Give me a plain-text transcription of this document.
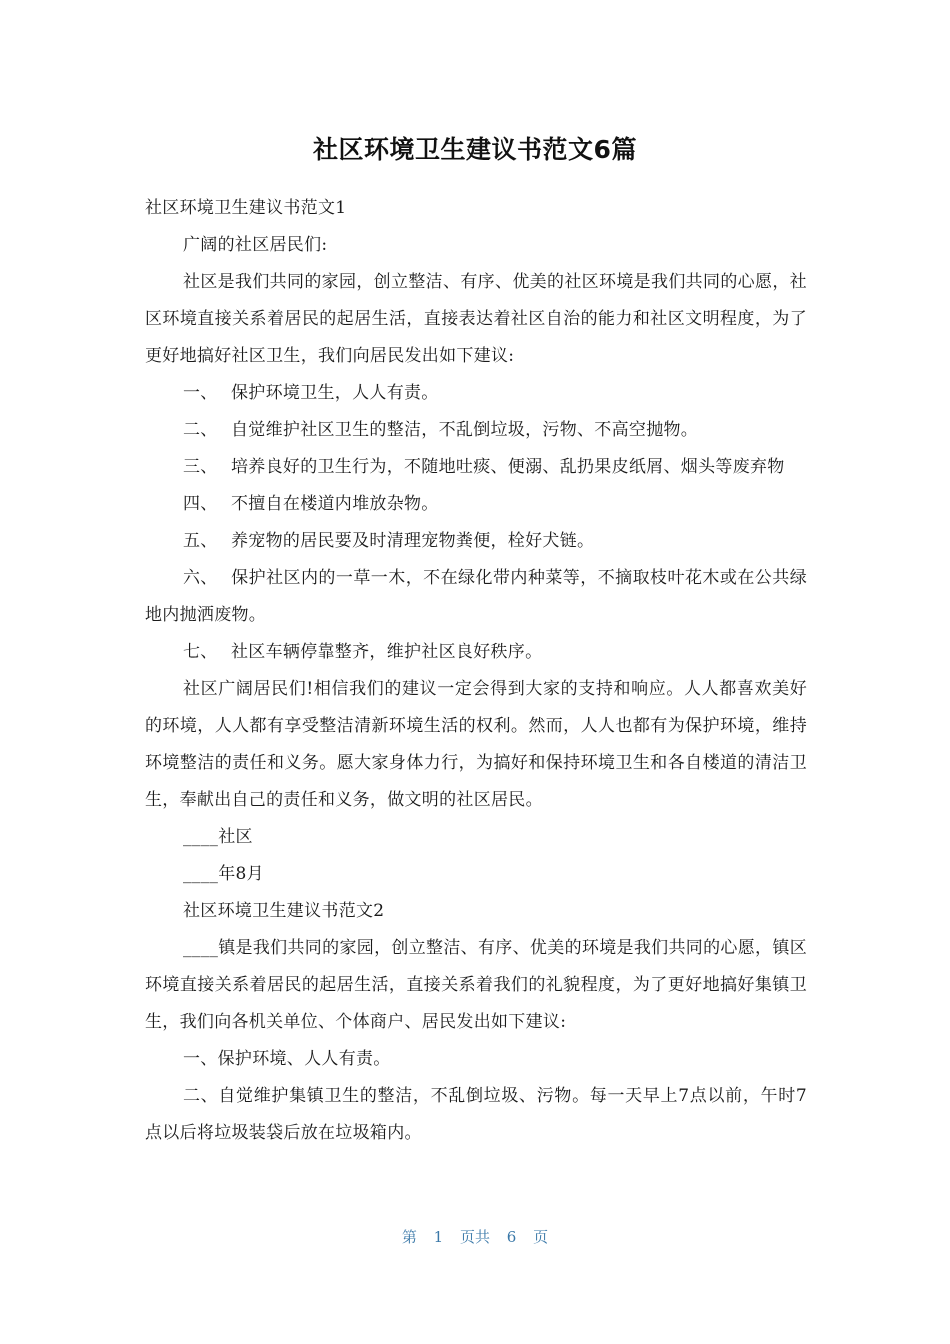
社区环境卫生建议书范文6篇

社区环境卫生建议书范文1

广阔的社区居民们:

社区是我们共同的家园，创立整洁、有序、优美的社区环境是我们共同的心愿，社区环境直接关系着居民的起居生活，直接表达着社区自治的能力和社区文明程度，为了更好地搞好社区卫生，我们向居民发出如下建议:

一、 保护环境卫生，人人有责。

二、 自觉维护社区卫生的整洁，不乱倒垃圾，污物、不高空抛物。

三、 培养良好的卫生行为，不随地吐痰、便溺、乱扔果皮纸屑、烟头等废弃物

四、 不擅自在楼道内堆放杂物。

五、 养宠物的居民要及时清理宠物粪便，栓好犬链。

六、 保护社区内的一草一木，不在绿化带内种菜等，不摘取枝叶花木或在公共绿地内抛洒废物。

七、 社区车辆停靠整齐，维护社区良好秩序。

社区广阔居民们!相信我们的建议一定会得到大家的支持和响应。人人都喜欢美好的环境，人人都有享受整洁清新环境生活的权利。然而，人人也都有为保护环境，维持环境整洁的责任和义务。愿大家身体力行，为搞好和保持环境卫生和各自楼道的清洁卫生，奉献出自己的责任和义务，做文明的社区居民。

____社区

____年8月

社区环境卫生建议书范文2

____镇是我们共同的家园，创立整洁、有序、优美的环境是我们共同的心愿，镇区环境直接关系着居民的起居生活，直接关系着我们的礼貌程度，为了更好地搞好集镇卫生，我们向各机关单位、个体商户、居民发出如下建议:

一、保护环境、人人有责。

二、自觉维护集镇卫生的整洁，不乱倒垃圾、污物。每一天早上7点以前，午时7点以后将垃圾装袋后放在垃圾箱内。

第 1 页共 6 页
